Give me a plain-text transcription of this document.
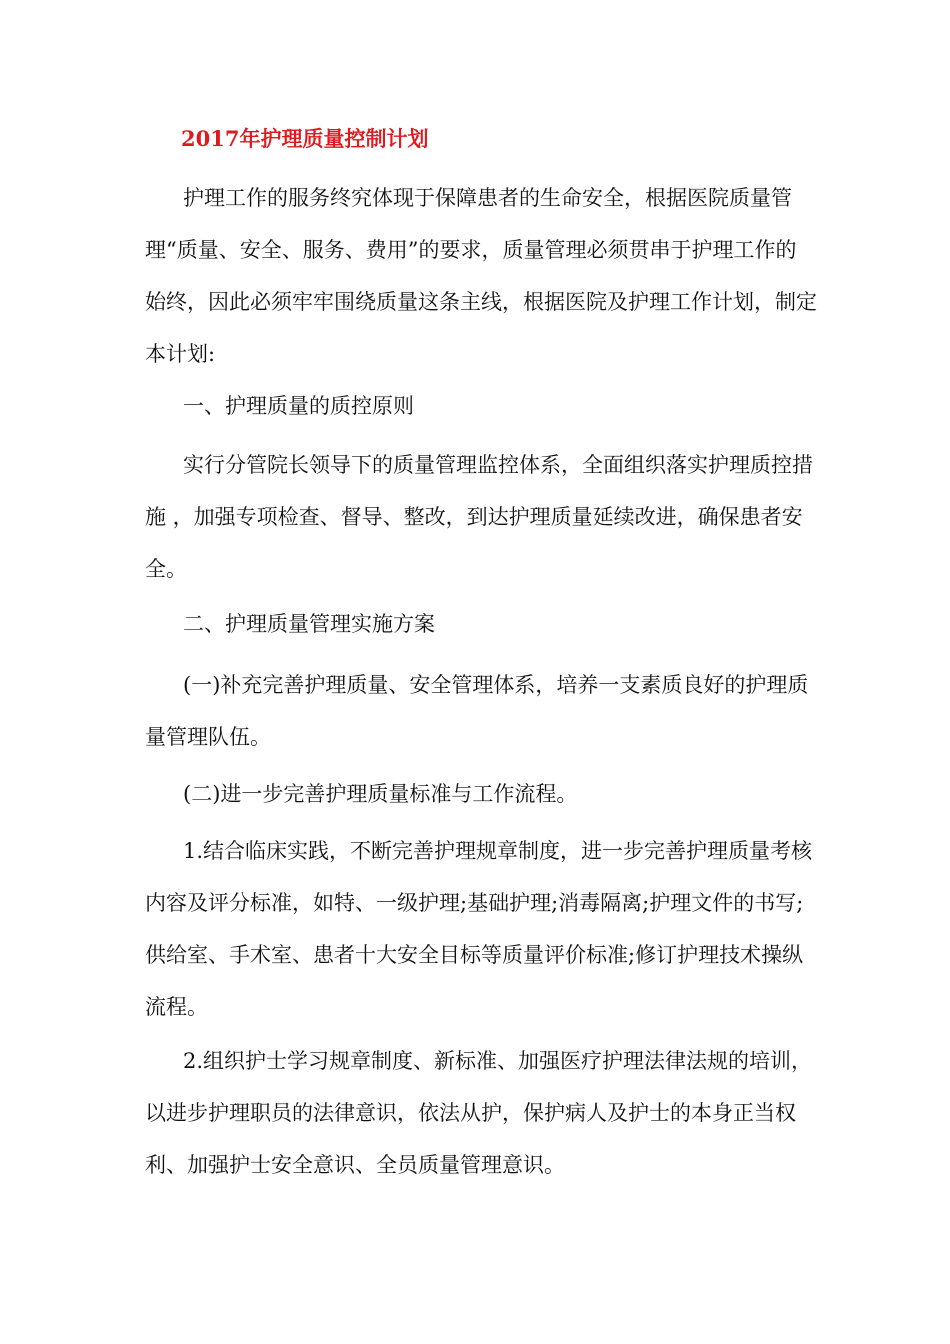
2017年护理质量控制计划

护理工作的服务终究体现于保障患者的生命安全，根据医院质量管理“质量、安全、服务、费用”的要求，质量管理必须贯串于护理工作的始终，因此必须牢牢围绕质量这条主线，根据医院及护理工作计划，制定本计划:

一、护理质量的质控原则

实行分管院长领导下的质量管理监控体系，全面组织落实护理质控措施 ，加强专项检查、督导、整改，到达护理质量延续改进，确保患者安全。

二、护理质量管理实施方案

(一)补充完善护理质量、安全管理体系，培养一支素质良好的护理质量管理队伍。

(二)进一步完善护理质量标准与工作流程。

1.结合临床实践，不断完善护理规章制度，进一步完善护理质量考核内容及评分标准，如特、一级护理;基础护理;消毒隔离;护理文件的书写;供给室、手术室、患者十大安全目标等质量评价标准;修订护理技术操纵流程。

2.组织护士学习规章制度、新标准、加强医疗护理法律法规的培训，以进步护理职员的法律意识，依法从护，保护病人及护士的本身正当权利、加强护士安全意识、全员质量管理意识。
